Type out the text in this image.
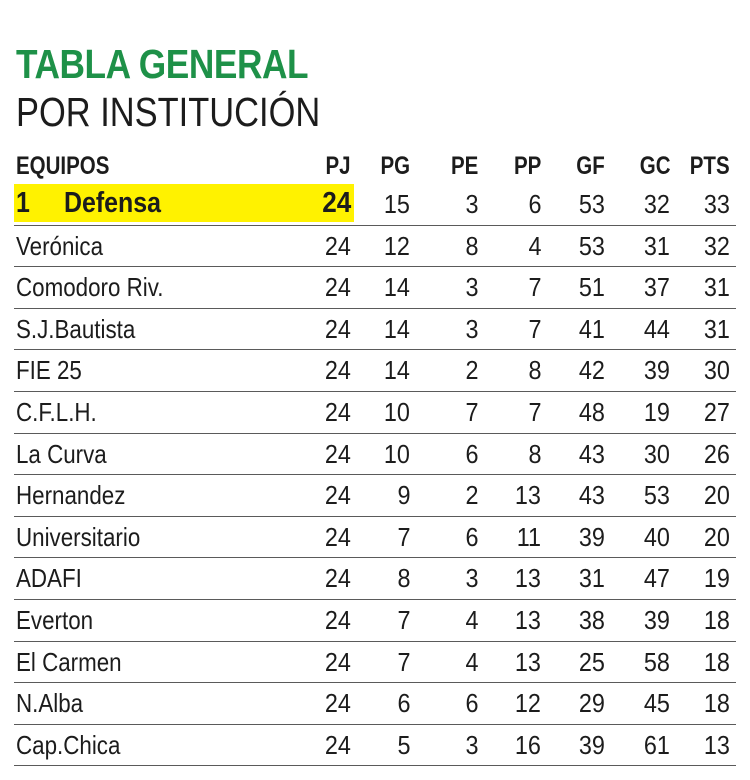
TABLA GENERAL
POR INSTITUCIÓN
EQUIPOS	PJ PG PE PP GF GC PTS
1 Defensa	24 15 3 6 53 32 33
Verónica	24 12 8 4 53 31 32
Comodoro Riv.	24 14 3 7 51 37 31
S.J.Bautista	24 14 3 7 41 44 31
FIE 25	24 14 2 8 42 39 30
C.F.L.H.	24 10 7 7 48 19 27
La Curva	24 10 6 8 43 30 26
Hernandez	24 9 2 13 43 53 20
Universitario	24 7 6 11 39 40 20
ADAFI	24 8 3 13 31 47 19
Everton	24 7 4 13 38 39 18
El Carmen	24 7 4 13 25 58 18
N.Alba	24 6 6 12 29 45 18
Cap.Chica	24 5 3 16 39 61 13
